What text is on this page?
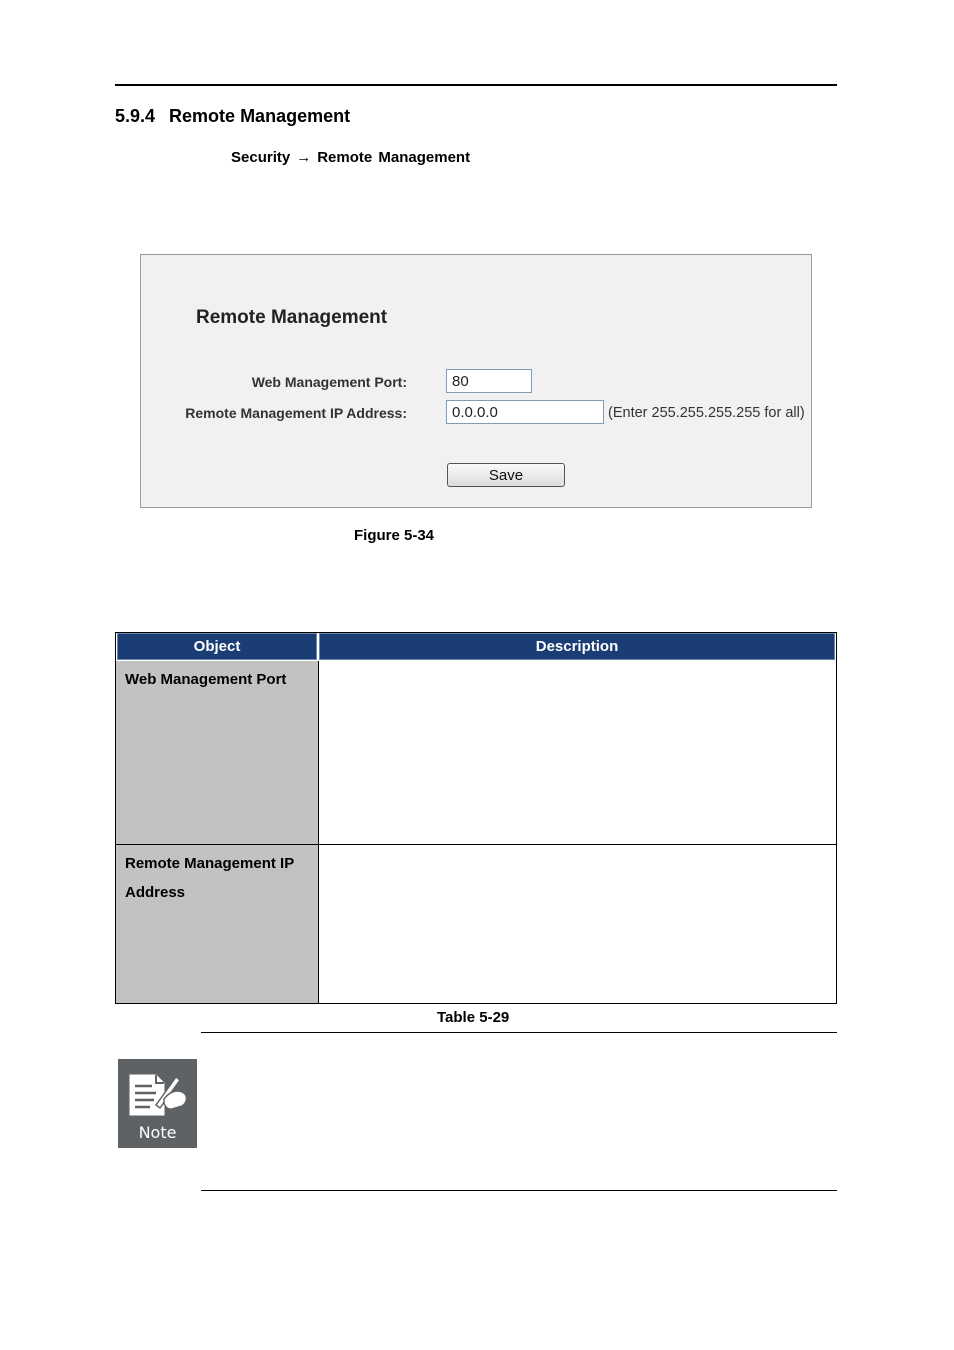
5.9.4 Remote Management
Security → Remote Management
Remote Management
Web Management Port:
80
Remote Management IP Address:
0.0.0.0	(Enter 255.255.255.255 for all)
Save
Figure 5-34
Object	Description
Web Management Port
Remote Management IP Address
Table 5-29
Note
